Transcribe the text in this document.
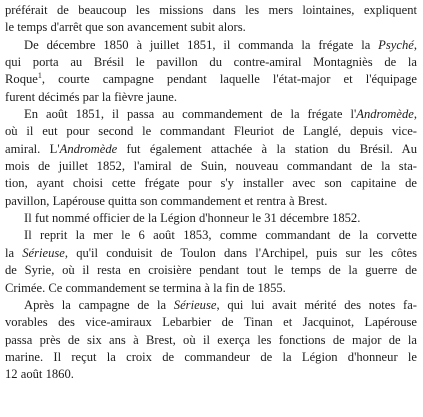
préférait de beaucoup les missions dans les mers lointaines, expliquent
le temps d'arrêt que son avancement subit alors.
De décembre 1850 à juillet 1851, il commanda la frégate la Psyché,
qui porta au Brésil le pavillon du contre-amiral Montagniès de la
Roque$^1$, courte campagne pendant laquelle l'état-major et l'équipage
furent décimés par la fièvre jaune.
En août 1851, il passa au commandement de la frégate l'Andromède,
où il eut pour second le commandant Fleuriot de Langlé, depuis vice-
amiral. L'Andromède fut également attachée à la station du Brésil. Au
mois de juillet 1852, l'amiral de Suin, nouveau commandant de la sta-
tion, ayant choisi cette frégate pour s'y installer avec son capitaine de
pavillon, Lapérouse quitta son commandement et rentra à Brest.
Il fut nommé officier de la Légion d'honneur le 31 décembre 1852.
Il reprit la mer le 6 août 1853, comme commandant de la corvette
la Sérieuse, qu'il conduisit de Toulon dans l'Archipel, puis sur les côtes
de Syrie, où il resta en croisière pendant tout le temps de la guerre de
Crimée. Ce commandement se termina à la fin de 1855.
Après la campagne de la Sérieuse, qui lui avait mérité des notes fa-
vorables des vice-amiraux Lebarbier de Tinan et Jacquinot, Lapérouse
passa près de six ans à Brest, où il exerça les fonctions de major de la
marine. Il reçut la croix de commandeur de la Légion d'honneur le
12 août 1860.
